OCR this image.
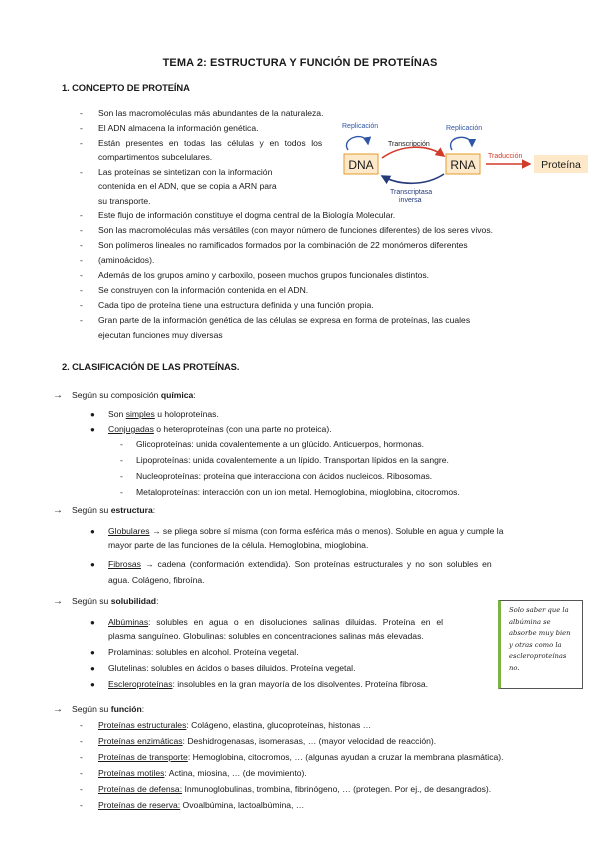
TEMA 2: ESTRUCTURA Y FUNCIÓN DE PROTEÍNAS
1. CONCEPTO DE PROTEÍNA
- Son las macromoléculas más abundantes de la naturaleza.
- El ADN almacena la información genética.
- Están presentes en todas las células y en todos los
compartimentos subcelulares.
- Las proteínas se sintetizan con la información
contenida en el ADN, que se copia a ARN para
su transporte.
- Este flujo de información constituye el dogma central de la Biología Molecular.
- Son las macromoléculas más versátiles (con mayor número de funciones diferentes) de los seres vivos.
- Son polímeros lineales no ramificados formados por la combinación de 22 monómeros diferentes
- (aminoácidos).
- Además de los grupos amino y carboxilo, poseen muchos grupos funcionales distintos.
- Se construyen con la información contenida en el ADN.
- Cada tipo de proteína tiene una estructura definida y una función propia.
- Gran parte de la información genética de las células se expresa en forma de proteínas, las cuales
ejecutan funciones muy diversas
Replicación	Replicación
DNA
Transcripción
Transcriptasa
inversa
RNA
Traducción
Proteína
2. CLASIFICACIÓN DE LAS PROTEÍNAS.
→ Según su composición química:
● Son simples u holoproteínas.
● Conjugadas o heteroproteínas (con una parte no proteica).
- Glicoproteínas: unida covalentemente a un glúcido. Anticuerpos, hormonas.
- Lipoproteínas: unida covalentemente a un lípido. Transportan lípidos en la sangre.
- Nucleoproteínas: proteína que interacciona con ácidos nucleicos. Ribosomas.
- Metaloproteínas: interacción con un ion metal. Hemoglobina, mioglobina, citocromos.
→ Según su estructura:
● Globulares → se pliega sobre sí misma (con forma esférica más o menos). Soluble en agua y cumple la
mayor parte de las funciones de la célula. Hemoglobina, mioglobina.
● Fibrosas → cadena (conformación extendida). Son proteínas estructurales y no son solubles en
agua. Colágeno, fibroína.
→ Según su solubilidad:
● Albúminas: solubles en agua o en disoluciones salinas diluidas. Proteína en el
plasma sanguíneo. Globulinas: solubles en concentraciones salinas más elevadas.
● Prolaminas: solubles en alcohol. Proteína vegetal.
● Glutelinas: solubles en ácidos o bases diluidos. Proteína vegetal.
● Escleroproteínas: insolubles en la gran mayoría de los disolventes. Proteína fibrosa.
Solo saber que la
albúmina se
absorbe muy bien
y otras como la
escleroproteínas
no.
→ Según su función:
- Proteínas estructurales: Colágeno, elastina, glucoproteínas, histonas …
- Proteínas enzimáticas: Deshidrogenasas, isomerasas, … (mayor velocidad de reacción).
- Proteínas de transporte: Hemoglobina, citocromos, … (algunas ayudan a cruzar la membrana plasmática).
- Proteínas motiles: Actina, miosina, … (de movimiento).
- Proteínas de defensa: Inmunoglobulinas, trombina, fibrinógeno, … (protegen. Por ej., de desangrados).
- Proteínas de reserva: Ovoalbúmina, lactoalbúmina, …
